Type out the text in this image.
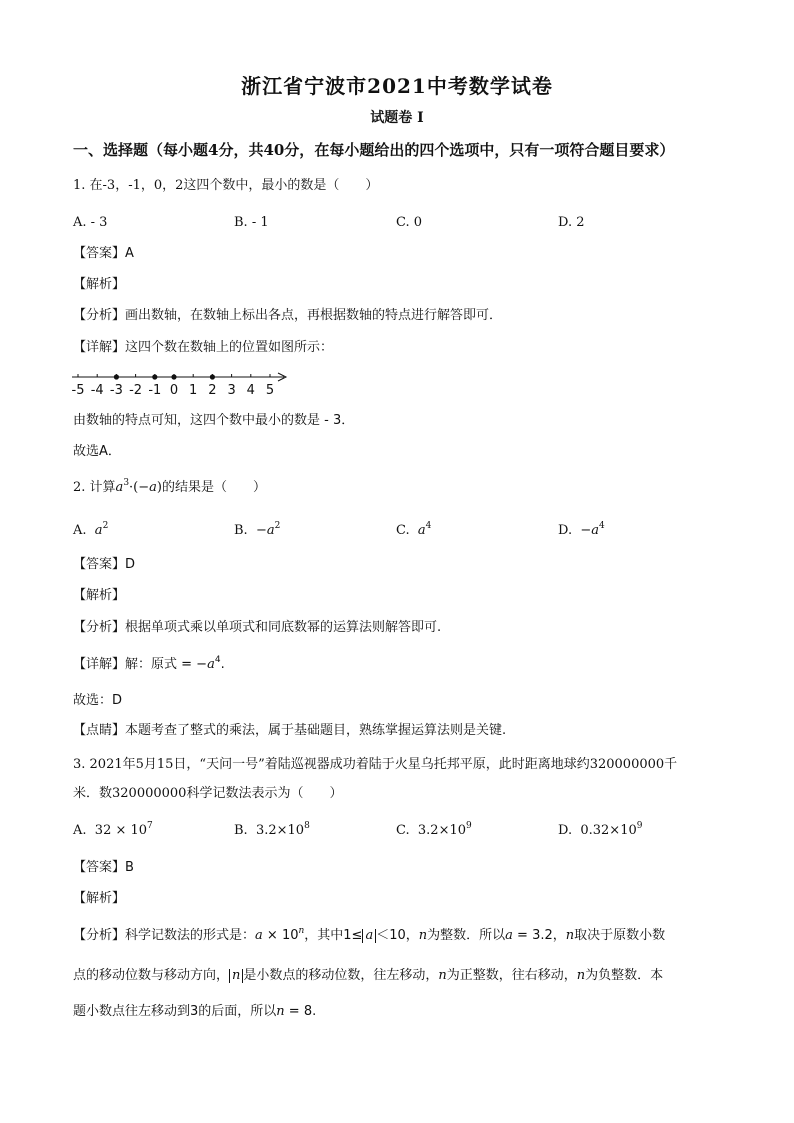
浙江省宁波市2021中考数学试卷
试题卷 I
一、选择题（每小题4分，共40分，在每小题给出的四个选项中，只有一项符合题目要求）
1. 在-3，-1，0，2这四个数中，最小的数是（　　）
A. - 3	B. - 1	C. 0	D. 2
【答案】A
【解析】
【分析】画出数轴，在数轴上标出各点，再根据数轴的特点进行解答即可．
【详解】这四个数在数轴上的位置如图所示：
-5 -4 -3 -2 -1 0 1 2 3 4 5
由数轴的特点可知，这四个数中最小的数是 - 3．
故选A．
2. 计算$a^3\cdot(-a)$的结果是（　　）
A. $a^2$	B.  $-a^2$	C. $a^4$	D.  $-a^4$
【答案】D
【解析】
【分析】根据单项式乘以单项式和同底数幂的运算法则解答即可.
【详解】解：原式 = $-a^4$.
故选：D
【点睛】本题考查了整式的乘法，属于基础题目，熟练掌握运算法则是关键.
3. 2021年5月15日，“天问一号”着陆巡视器成功着陆于火星乌托邦平原，此时距离地球约320000000千
米．数320000000科学记数法表示为（　　）
A.  $32 \times 10^7$	B.  $3.2\times 10^8$	C.  $3.2\times 10^9$	D.  $0.32\times 10^9$
【答案】B
【解析】
【分析】科学记数法的形式是：$a \times 10^n$，其中1≤ a ＜10，n为整数．所以a = 3.2，n取决于原数小数
点的移动位数与移动方向， n 是小数点的移动位数，往左移动，n为正整数，往右移动，n为负整数．本
题小数点往左移动到3的后面，所以n = 8.
